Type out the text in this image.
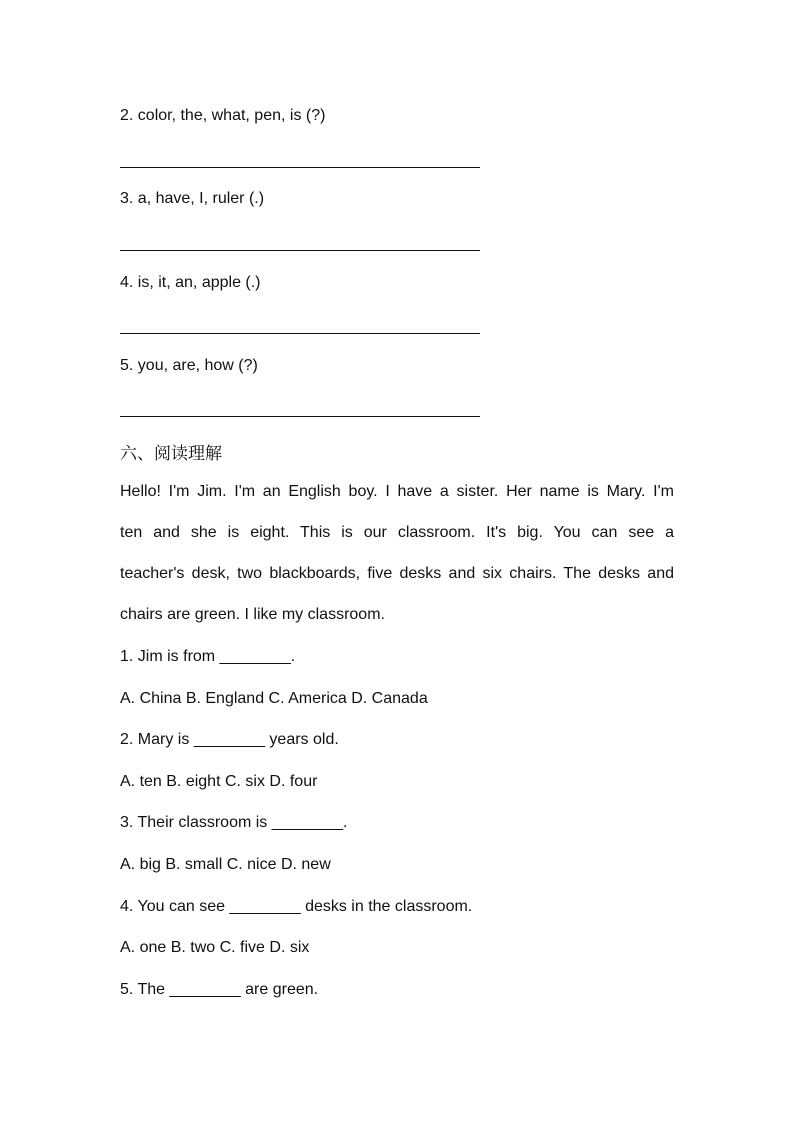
2. color, the, what, pen, is (?)
3. a, have, I, ruler (.)
4. is, it, an, apple (.)
5. you, are, how (?)
六、阅读理解
Hello! I'm Jim. I'm an English boy. I have a sister. Her name is Mary. I'm
ten and she is eight. This is our classroom. It's big. You can see a
teacher's desk, two blackboards, five desks and six chairs. The desks and
chairs are green. I like my classroom.
1. Jim is from ________.
A. China B. England C. America D. Canada
2. Mary is ________ years old.
A. ten B. eight C. six D. four
3. Their classroom is ________.
A. big B. small C. nice D. new
4. You can see ________ desks in the classroom.
A. one B. two C. five D. six
5. The ________ are green.
